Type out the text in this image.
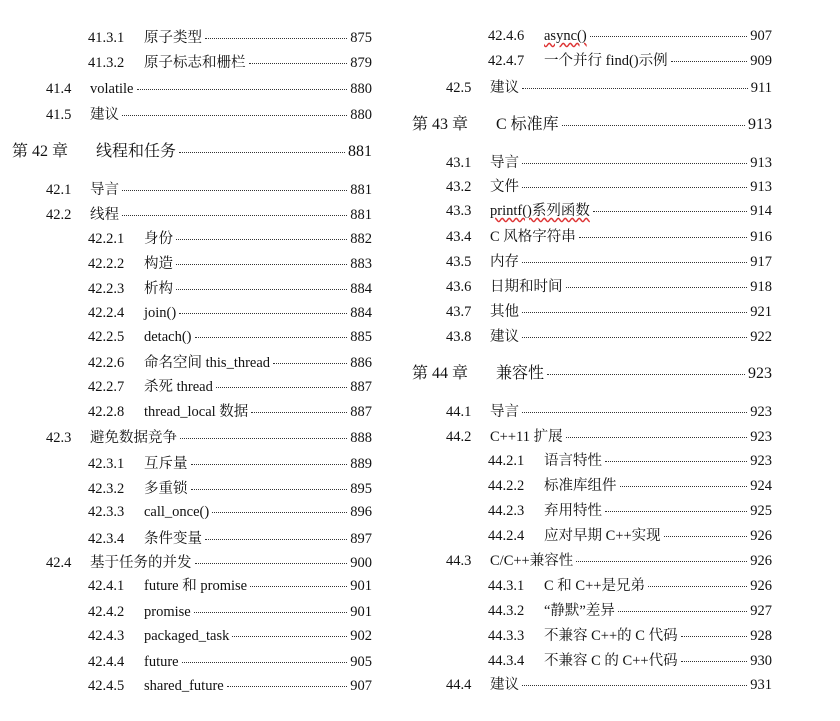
41.3.1	原子类型	875
41.3.2	原子标志和栅栏	879
41.4	volatile	880
41.5	建议	880
第 42 章	线程和任务	881
42.1	导言	881
42.2	线程	881
42.2.1	身份	882
42.2.2	构造	883
42.2.3	析构	884
42.2.4	join()	884
42.2.5	detach()	885
42.2.6	命名空间 this_thread	886
42.2.7	杀死 thread	887
42.2.8	thread_local 数据	887
42.3	避免数据竞争	888
42.3.1	互斥量	889
42.3.2	多重锁	895
42.3.3	call_once()	896
42.3.4	条件变量	897
42.4	基于任务的并发	900
42.4.1	future 和 promise	901
42.4.2	promise	901
42.4.3	packaged_task	902
42.4.4	future	905
42.4.5	shared_future	907
42.4.6	async()	907
42.4.7	一个并行 find()示例	909
42.5	建议	911
第 43 章	C 标准库	913
43.1	导言	913
43.2	文件	913
43.3	printf()系列函数	914
43.4	C 风格字符串	916
43.5	内存	917
43.6	日期和时间	918
43.7	其他	921
43.8	建议	922
第 44 章	兼容性	923
44.1	导言	923
44.2	C++11 扩展	923
44.2.1	语言特性	923
44.2.2	标准库组件	924
44.2.3	弃用特性	925
44.2.4	应对早期 C++实现	926
44.3	C/C++兼容性	926
44.3.1	C 和 C++是兄弟	926
44.3.2	“静默”差异	927
44.3.3	不兼容 C++的 C 代码	928
44.3.4	不兼容 C 的 C++代码	930
44.4	建议	931
